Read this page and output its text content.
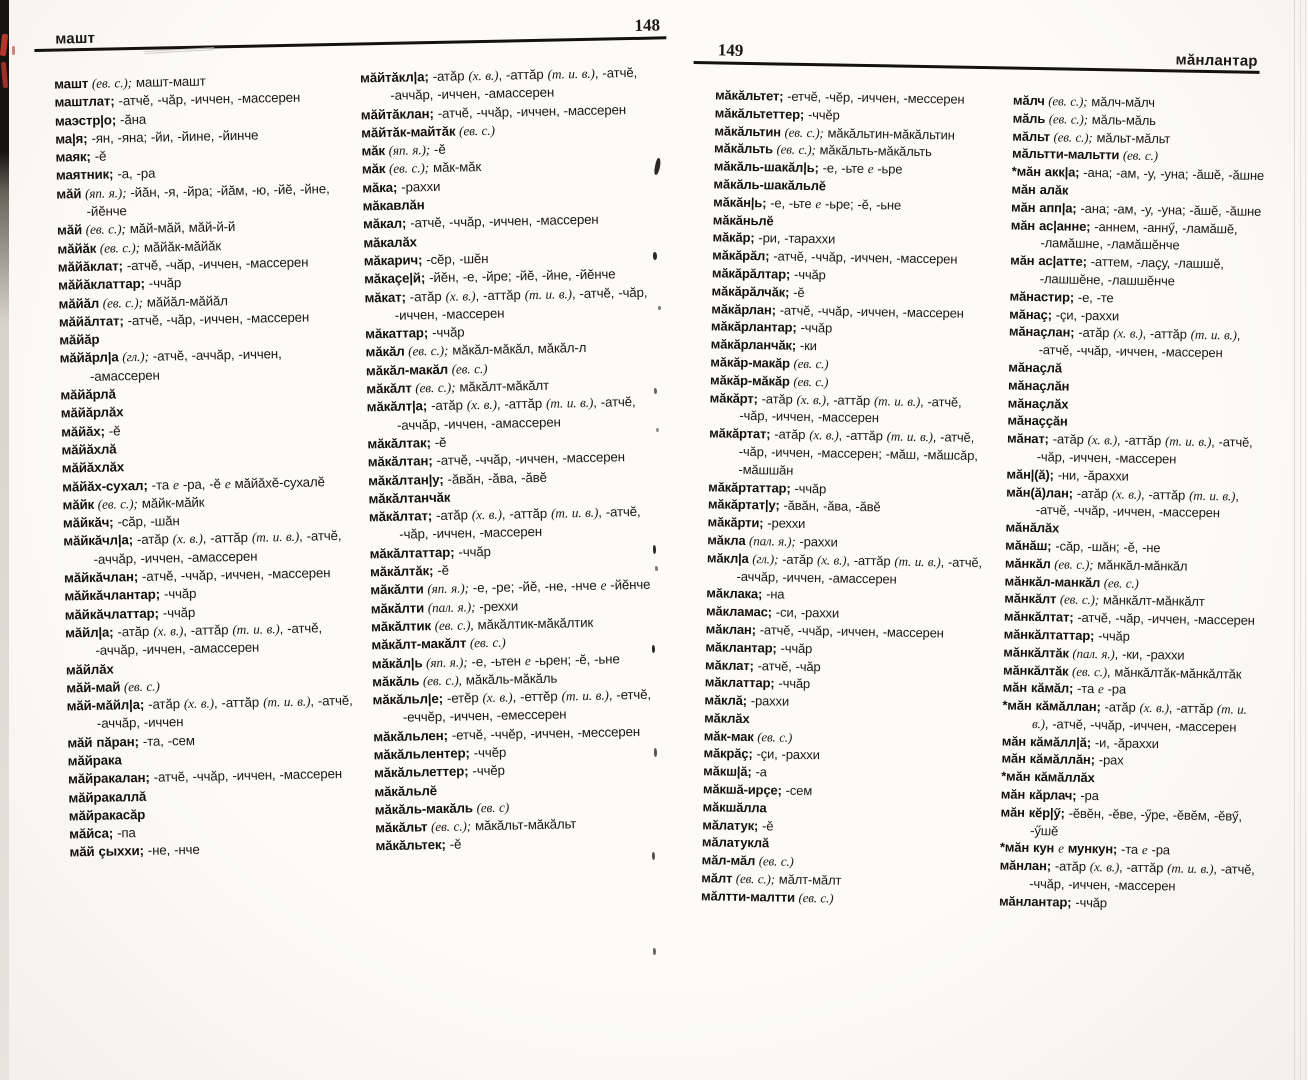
машт
148

машт (ев. с.); машт-машт

маштлат; -атчĕ, -чăр, -иччен, -массерен

маэстр|о; -ăна

ма|я; -ян, -яна; -йи, -йине, -йинче

маяк; -ĕ

маятник; -а, -ра

мăй (яп. я.); -йăн, -я, -йра; -йăм, -ю, -йĕ, -йне, -йĕнче

мăй (ев. с.); мăй-мăй, мăй-й-й

мăйăк (ев. с.); мăйăк-мăйăк

мăйăклат; -атчĕ, -чăр, -иччен, -массерен

мăйăклаттар; -ччăр

мăйăл (ев. с.); мăйăл-мăйăл

мăйăлтат; -атчĕ, -чăр, -иччен, -массерен

мăйăр

мăйăрл|а (гл.); -атчĕ, -аччăр, -иччен, -амассерен

мăйăрлă

мăйăрлăх

мăйăх; -ĕ

мăйăхлă

мăйăхлăх

мăйăх-сухал; -та е -ра, -ĕ е мăйăхĕ-сухалĕ

мăйк (ев. с.); мăйк-мăйк

мăйкăч; -сăр, -шăн

мăйкăчл|а; -атăр (х. в.), -аттăр (т. и. в.), -атчĕ, -аччăр, -иччен, -амассерен

мăйкăчлан; -атчĕ, -ччăр, -иччен, -массерен

мăйкăчлантар; -ччăр

мăйкăчлаттар; -ччăр

мăйл|а; -атăр (х. в.), -аттăр (т. и. в.), -атчĕ, -аччăр, -иччен, -амассерен

мăйлăх

мăй-май (ев. с.)

мăй-мăйл|а; -атăр (х. в.), -аттăр (т. и. в.), -атчĕ, -аччăр, -иччен

мăй пăран; -та, -сем

мăйрака

мăйракалан; -атчĕ, -ччăр, -иччен, -массерен

мăйракаллă

мăйракасăр

мăйса; -па

мăй çыххи; -не, -нче

мăйтăкл|а; -атăр (х. в.), -аттăр (т. и. в.), -атчĕ, -аччăр, -иччен, -амассерен

мăйтăклан; -атчĕ, -ччăр, -иччен, -массерен

мăйтăк-майтăк (ев. с.)

мăк (яп. я.); -ĕ

мăк (ев. с.); мăк-мăк

мăка; -раххи

мăкавлăн

мăкал; -атчĕ, -ччăр, -иччен, -массерен

мăкалăх

мăкарич; -сĕр, -шĕн

мăкаçе|й; -йĕн, -е, -йре; -йĕ, -йне, -йĕнче

мăкат; -атăр (х. в.), -аттăр (т. и. в.), -атчĕ, -чăр, -иччен, -массерен

мăкаттар; -ччăр

мăкăл (ев. с.); мăкăл-мăкăл, мăкăл-л

мăкăл-макăл (ев. с.)

мăкăлт (ев. с.); мăкăлт-мăкăлт

мăкăлт|а; -атăр (х. в.), -аттăр (т. и. в.), -атчĕ, -аччăр, -иччен, -амассерен

мăкăлтак; -ĕ

мăкăлтан; -атчĕ, -ччăр, -иччен, -массерен

мăкăлтан|у; -ăвăн, -ăва, -ăвĕ

мăкăлтанчăк

мăкăлтат; -атăр (х. в.), -аттăр (т. и. в.), -атчĕ, -чăр, -иччен, -массерен

мăкăлтаттар; -ччăр

мăкăлтăк; -ĕ

мăкăлти (яп. я.); -е, -ре; -йĕ, -не, -нче е -йĕнче

мăкăлти (пал. я.); -реххи

мăкăлтик (ев. с.), мăкăлтик-мăкăлтик

мăкăлт-макăлт (ев. с.)

мăкăл|ь (яп. я.); -е, -ьтен е -ьрен; -ĕ, -ьне

мăкăль (ев. с.), мăкăль-мăкăль

мăкăльл|е; -етĕр (х. в.), -еттĕр (т. и. в.), -етчĕ, -еччĕр, -иччен, -емессерен

мăкăльлен; -етчĕ, -ччĕр, -иччен, -мессерен

мăкăльлентер; -ччĕр

мăкăльлеттер; -ччĕр

мăкăльлĕ

мăкăль-макăль (ев. с)

мăкăльт (ев. с.); мăкăльт-мăкăльт

мăкăльтек; -ĕ

149
мăнлантар

мăкăльтет; -етчĕ, -чĕр, -иччен, -мессерен

мăкăльтеттер; -ччĕр

мăкăльтин (ев. с.); мăкăльтин-мăкăльтин

мăкăльть (ев. с.); мăкăльть-мăкăльть

мăкăль-шакăл|ь; -е, -ьте е -ьре

мăкăль-шакăльлĕ

мăкăн|ь; -е, -ьте е -ьре; -ĕ, -ьне

мăкăньлĕ

мăкăр; -ри, -тараххи

мăкăрăл; -атчĕ, -ччăр, -иччен, -массерен

мăкăрăлтар; -ччăр

мăкăрăлчăк; -ĕ

мăкăрлан; -атчĕ, -ччăр, -иччен, -массерен

мăкăрлантар; -ччăр

мăкăрланчăк; -ки

мăкăр-макăр (ев. с.)

мăкăр-мăкăр (ев. с.)

мăкăрт; -атăр (х. в.), -аттăр (т. и. в.), -атчĕ, -чăр, -иччен, -массерен

мăкăртат; -атăр (х. в.), -аттăр (т. и. в.), -атчĕ, -чăр, -иччен, -массерен; -мăш, -мăшсăр, -мăшшăн

мăкăртаттар; -ччăр

мăкăртат|у; -ăвăн, -ăва, -ăвĕ

мăкăрти; -реххи

мăкла (пал. я.); -раххи

мăкл|а (гл.); -атăр (х. в.), -аттăр (т. и. в.), -атчĕ, -аччăр, -иччен, -амассерен

мăклака; -на

мăкламас; -си, -раххи

мăклан; -атчĕ, -ччăр, -иччен, -массерен

мăклантар; -ччăр

мăклат; -атчĕ, -чăр

мăклаттар; -ччăр

мăклă; -раххи

мăклăх

мăк-мак (ев. с.)

мăкрăç; -çи, -раххи

мăкш|ă; -а

мăкшă-ирçе; -сем

мăкшăлла

мăлатук; -ĕ

мăлатуклă

мăл-мăл (ев. с.)

мăлт (ев. с.); мăлт-мăлт

мăлтти-малтти (ев. с.)

мăлч (ев. с.); мăлч-мăлч

мăль (ев. с.); мăль-мăль

мăльт (ев. с.); мăльт-мăльт

мăльтти-мальтти (ев. с.)

*мăн акк|а; -ана; -ам, -у, -уна; -ăшĕ, -ăшне

мăн алăк

мăн апп|а; -ана; -ам, -у, -уна; -ăшĕ, -ăшне

мăн ас|анне; -аннем, -аннӳ, -ламăшĕ, -ламăшне, -ламăшĕнче

мăн ас|атте; -аттем, -лаçу, -лашшĕ, -лашшĕне, -лашшĕнче

мăнастир; -е, -те

мăнаç; -çи, -раххи

мăнаçлан; -атăр (х. в.), -аттăр (т. и. в.), -атчĕ, -ччăр, -иччен, -массерен

мăнаçлă

мăнаçлăн

мăнаçлăх

мăнаççăн

мăнат; -атăр (х. в.), -аттăр (т. и. в.), -атчĕ, -чăр, -иччен, -массерен

мăн|(ă); -ни, -ăраххи

мăн(ă)лан; -атăр (х. в.), -аттăр (т. и. в.), -атчĕ, -ччăр, -иччен, -массерен

мăнăлăх

мăнăш; -сăр, -шăн; -ĕ, -не

мăнкăл (ев. с.); мăнкăл-мăнкăл

мăнкăл-манкăл (ев. с.)

мăнкăлт (ев. с.); мăнкăлт-мăнкăлт

мăнкăлтат; -атчĕ, -чăр, -иччен, -массерен

мăнкăлтаттар; -ччăр

мăнкăлтăк (пал. я.), -ки, -раххи

мăнкăлтăк (ев. с.), мăнкăлтăк-мăнкăлтăк

мăн кăмăл; -та е -ра

*мăн кăмăллан; -атăр (х. в.), -аттăр (т. и. в.), -атчĕ, -ччăр, -иччен, -массерен

мăн кăмăлл|ă; -и, -ăраххи

мăн кăмăллăн; -рах

*мăн кăмăллăх

мăн кăрлач; -ра

мăн кĕр|ӳ; -ĕвĕн, -ĕве, -ӳре, -ĕвĕм, -ĕвӳ, -ӳшĕ

*мăн кун е мункун; -та е -ра

мăнлан; -атăр (х. в.), -аттăр (т. и. в.), -атчĕ, -ччăр, -иччен, -массерен

мăнлантар; -ччăр
